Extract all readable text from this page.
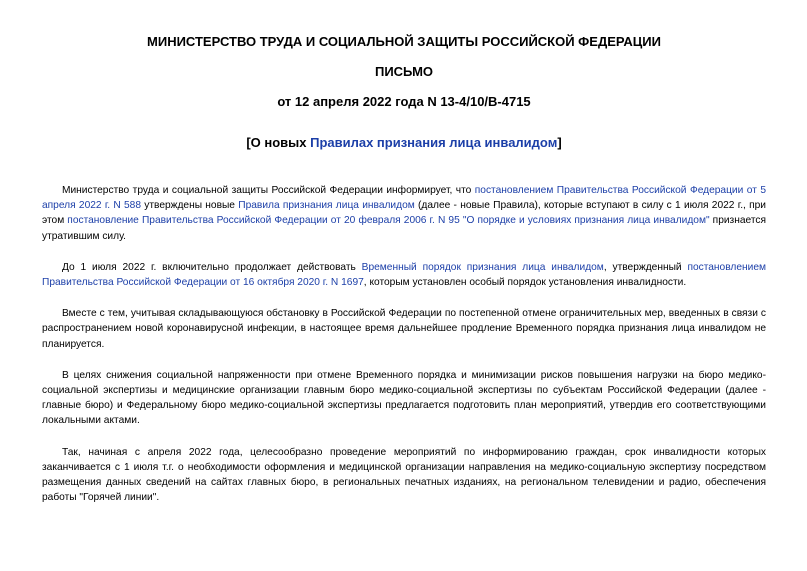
МИНИСТЕРСТВО ТРУДА И СОЦИАЛЬНОЙ ЗАЩИТЫ РОССИЙСКОЙ ФЕДЕРАЦИИ

ПИСЬМО

от 12 апреля 2022 года N 13-4/10/В-4715

[О новых Правилах признания лица инвалидом]

Министерство труда и социальной защиты Российской Федерации информирует, что постановлением Правительства Российской Федерации от 5 апреля 2022 г. N 588 утверждены новые Правила признания лица инвалидом (далее - новые Правила), которые вступают в силу с 1 июля 2022 г., при этом постановление Правительства Российской Федерации от 20 февраля 2006 г. N 95 "О порядке и условиях признания лица инвалидом" признается утратившим силу.

До 1 июля 2022 г. включительно продолжает действовать Временный порядок признания лица инвалидом, утвержденный постановлением Правительства Российской Федерации от 16 октября 2020 г. N 1697, которым установлен особый порядок установления инвалидности.

Вместе с тем, учитывая складывающуюся обстановку в Российской Федерации по постепенной отмене ограничительных мер, введенных в связи с распространением новой коронавирусной инфекции, в настоящее время дальнейшее продление Временного порядка признания лица инвалидом не планируется.

В целях снижения социальной напряженности при отмене Временного порядка и минимизации рисков повышения нагрузки на бюро медико-социальной экспертизы и медицинские организации главным бюро медико-социальной экспертизы по субъектам Российской Федерации (далее - главные бюро) и Федеральному бюро медико-социальной экспертизы предлагается подготовить план мероприятий, утвердив его соответствующими локальными актами.

Так, начиная с апреля 2022 года, целесообразно проведение мероприятий по информированию граждан, срок инвалидности которых заканчивается с 1 июля т.г. о необходимости оформления и медицинской организации направления на медико-социальную экспертизу посредством размещения данных сведений на сайтах главных бюро, в региональных печатных изданиях, на региональном телевидении и радио, обеспечения работы "Горячей линии".
